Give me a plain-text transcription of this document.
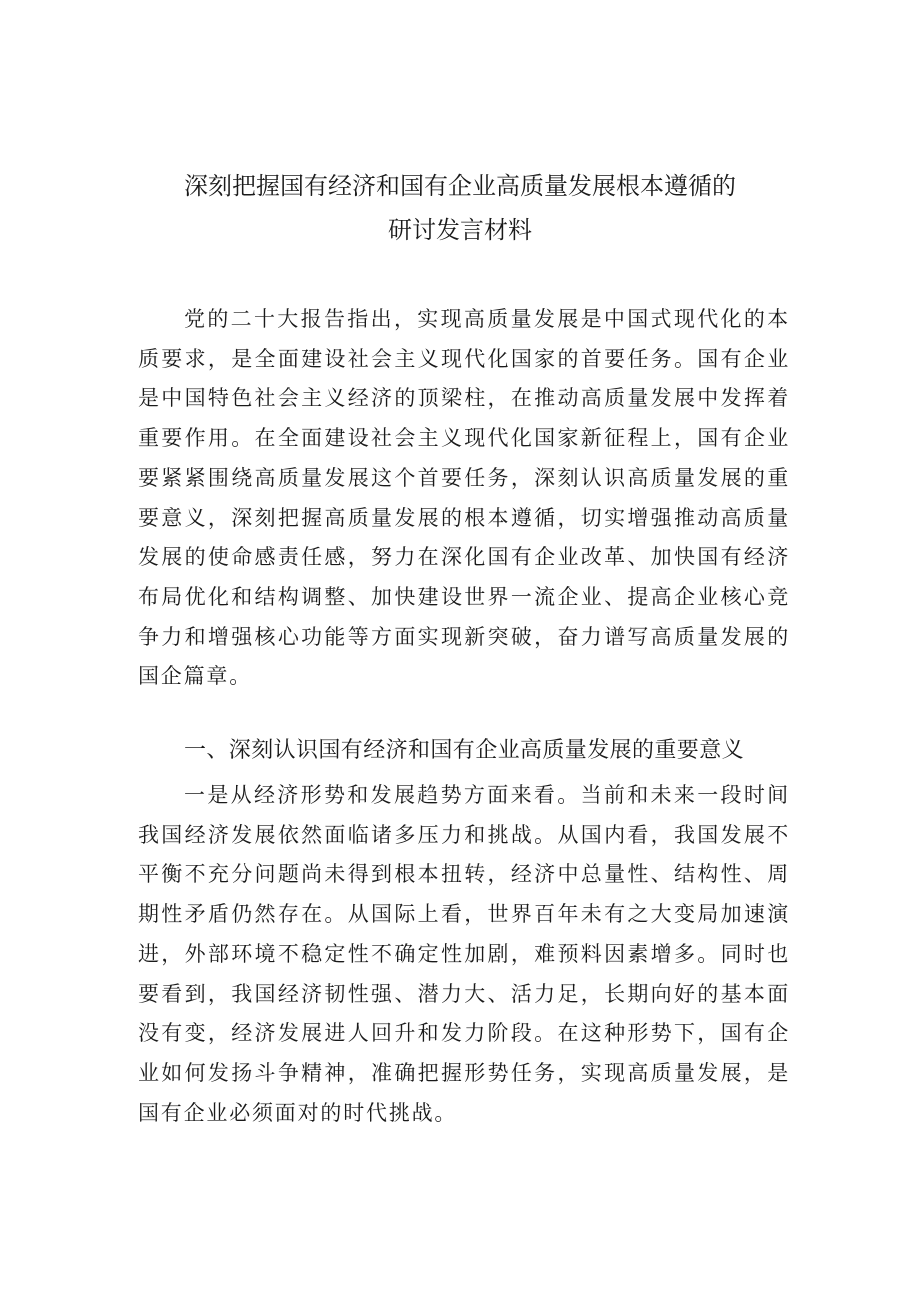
深刻把握国有经济和国有企业高质量发展根本遵循的
研讨发言材料

党的二十大报告指出，实现高质量发展是中国式现代化的本质要求，是全面建设社会主义现代化国家的首要任务。国有企业是中国特色社会主义经济的顶梁柱，在推动高质量发展中发挥着重要作用。在全面建设社会主义现代化国家新征程上，国有企业要紧紧围绕高质量发展这个首要任务，深刻认识高质量发展的重要意义，深刻把握高质量发展的根本遵循，切实增强推动高质量发展的使命感责任感，努力在深化国有企业改革、加快国有经济布局优化和结构调整、加快建设世界一流企业、提高企业核心竞争力和增强核心功能等方面实现新突破，奋力谱写高质量发展的国企篇章。

一、深刻认识国有经济和国有企业高质量发展的重要意义

一是从经济形势和发展趋势方面来看。当前和未来一段时间我国经济发展依然面临诸多压力和挑战。从国内看，我国发展不平衡不充分问题尚未得到根本扭转，经济中总量性、结构性、周期性矛盾仍然存在。从国际上看，世界百年未有之大变局加速演进，外部环境不稳定性不确定性加剧，难预料因素增多。同时也要看到，我国经济韧性强、潜力大、活力足，长期向好的基本面没有变，经济发展进人回升和发力阶段。在这种形势下，国有企业如何发扬斗争精神，准确把握形势任务，实现高质量发展，是国有企业必须面对的时代挑战。
